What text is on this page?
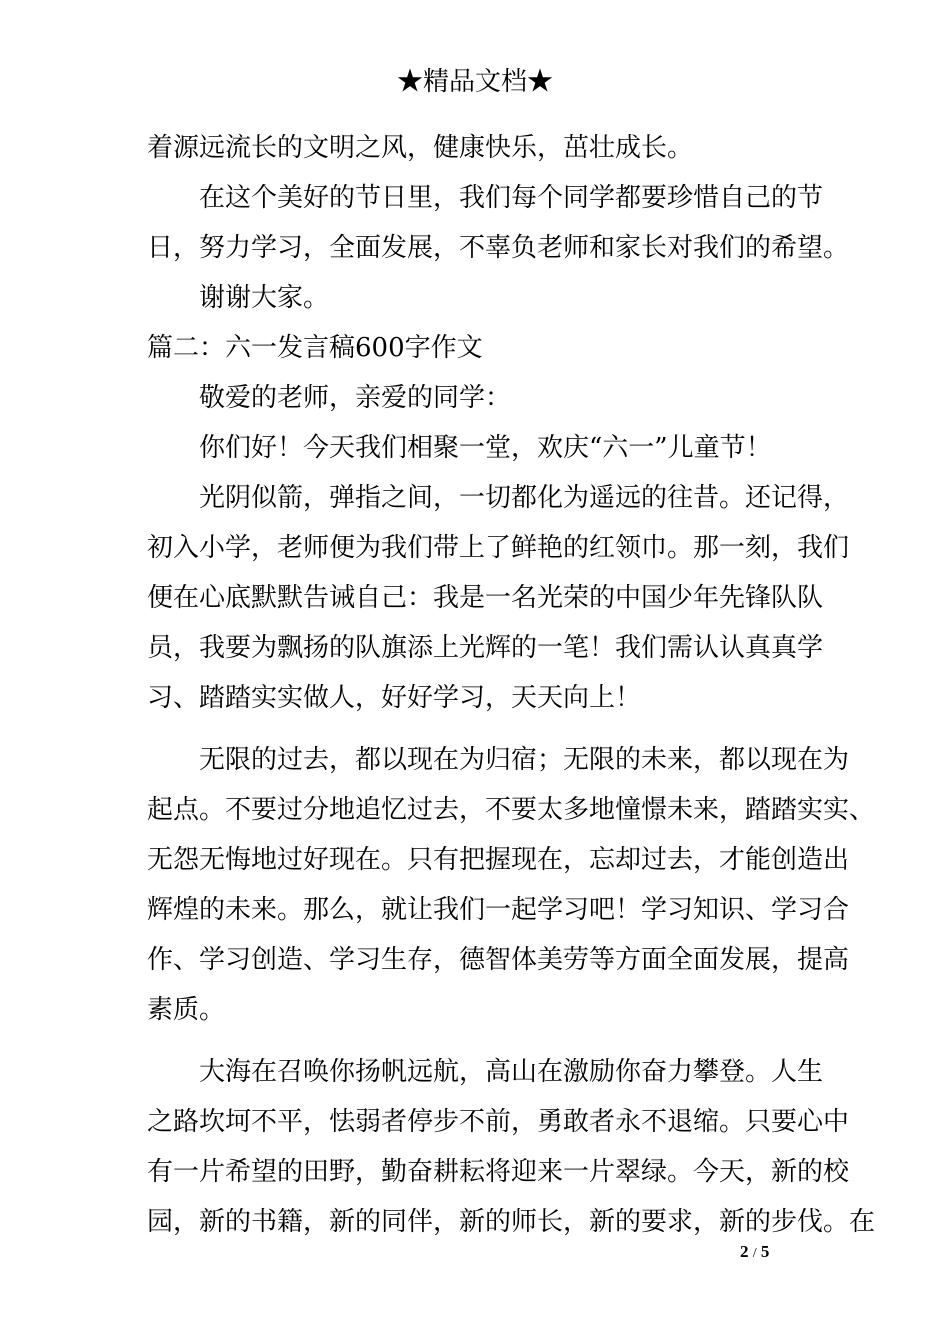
★精品文档★
着源远流长的文明之风，健康快乐，茁壮成长。
在这个美好的节日里，我们每个同学都要珍惜自己的节
日，努力学习，全面发展，不辜负老师和家长对我们的希望。
谢谢大家。
篇二：六一发言稿600字作文
敬爱的老师，亲爱的同学：
你们好！今天我们相聚一堂，欢庆“六一”儿童节！
光阴似箭，弹指之间，一切都化为遥远的往昔。还记得，
初入小学，老师便为我们带上了鲜艳的红领巾。那一刻，我们
便在心底默默告诫自己：我是一名光荣的中国少年先锋队队
员，我要为飘扬的队旗添上光辉的一笔！我们需认认真真学
习、踏踏实实做人，好好学习，天天向上！
无限的过去，都以现在为归宿；无限的未来，都以现在为
起点。不要过分地追忆过去，不要太多地憧憬未来，踏踏实实、
无怨无悔地过好现在。只有把握现在，忘却过去，才能创造出
辉煌的未来。那么，就让我们一起学习吧！学习知识、学习合
作、学习创造、学习生存，德智体美劳等方面全面发展，提高
素质。
大海在召唤你扬帆远航，高山在激励你奋力攀登。人生
之路坎坷不平，怯弱者停步不前，勇敢者永不退缩。只要心中
有一片希望的田野，勤奋耕耘将迎来一片翠绿。今天，新的校
园，新的书籍，新的同伴，新的师长，新的要求，新的步伐。在
2 / 5
